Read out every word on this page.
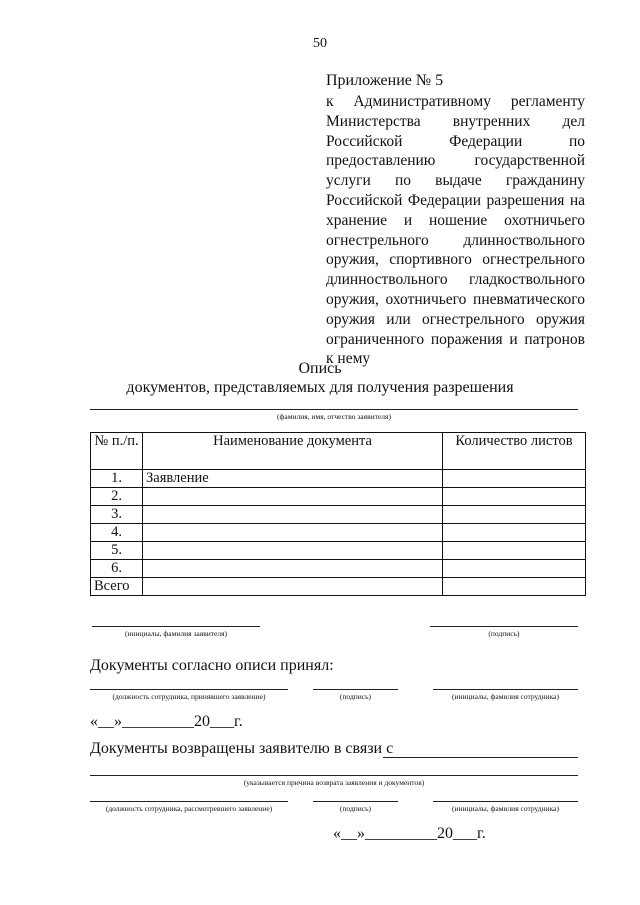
50
Приложение № 5
к Административному регламенту Министерства внутренних дел Российской Федерации по предоставлению государственной услуги по выдаче гражданину Российской Федерации разрешения на хранение и ношение охотничьего огнестрельного длинноствольного оружия, спортивного огнестрельного длинноствольного гладкоствольного оружия, охотничьего пневматического оружия или огнестрельного оружия ограниченного поражения и патронов к нему
Опись
документов, представляемых для получения разрешения
(фамилия, имя, отчество заявителя)
№ п./п.	Наименование документа	Количество листов
1.	Заявление	
2.		
3.		
4.		
5.		
6.		
Всего		
(инициалы, фамилия заявителя)	(подпись)
Документы согласно описи принял:
(должность сотрудника, принявшего заявление)	(подпись)	(инициалы, фамилия сотрудника)
«__»_________20___г.
Документы возвращены заявителю в связи с
(указывается причина возврата заявления и документов)
(должность сотрудника, рассмотревшего заявление)	(подпись)	(инициалы, фамилия сотрудника)
«__»_________20___г.
